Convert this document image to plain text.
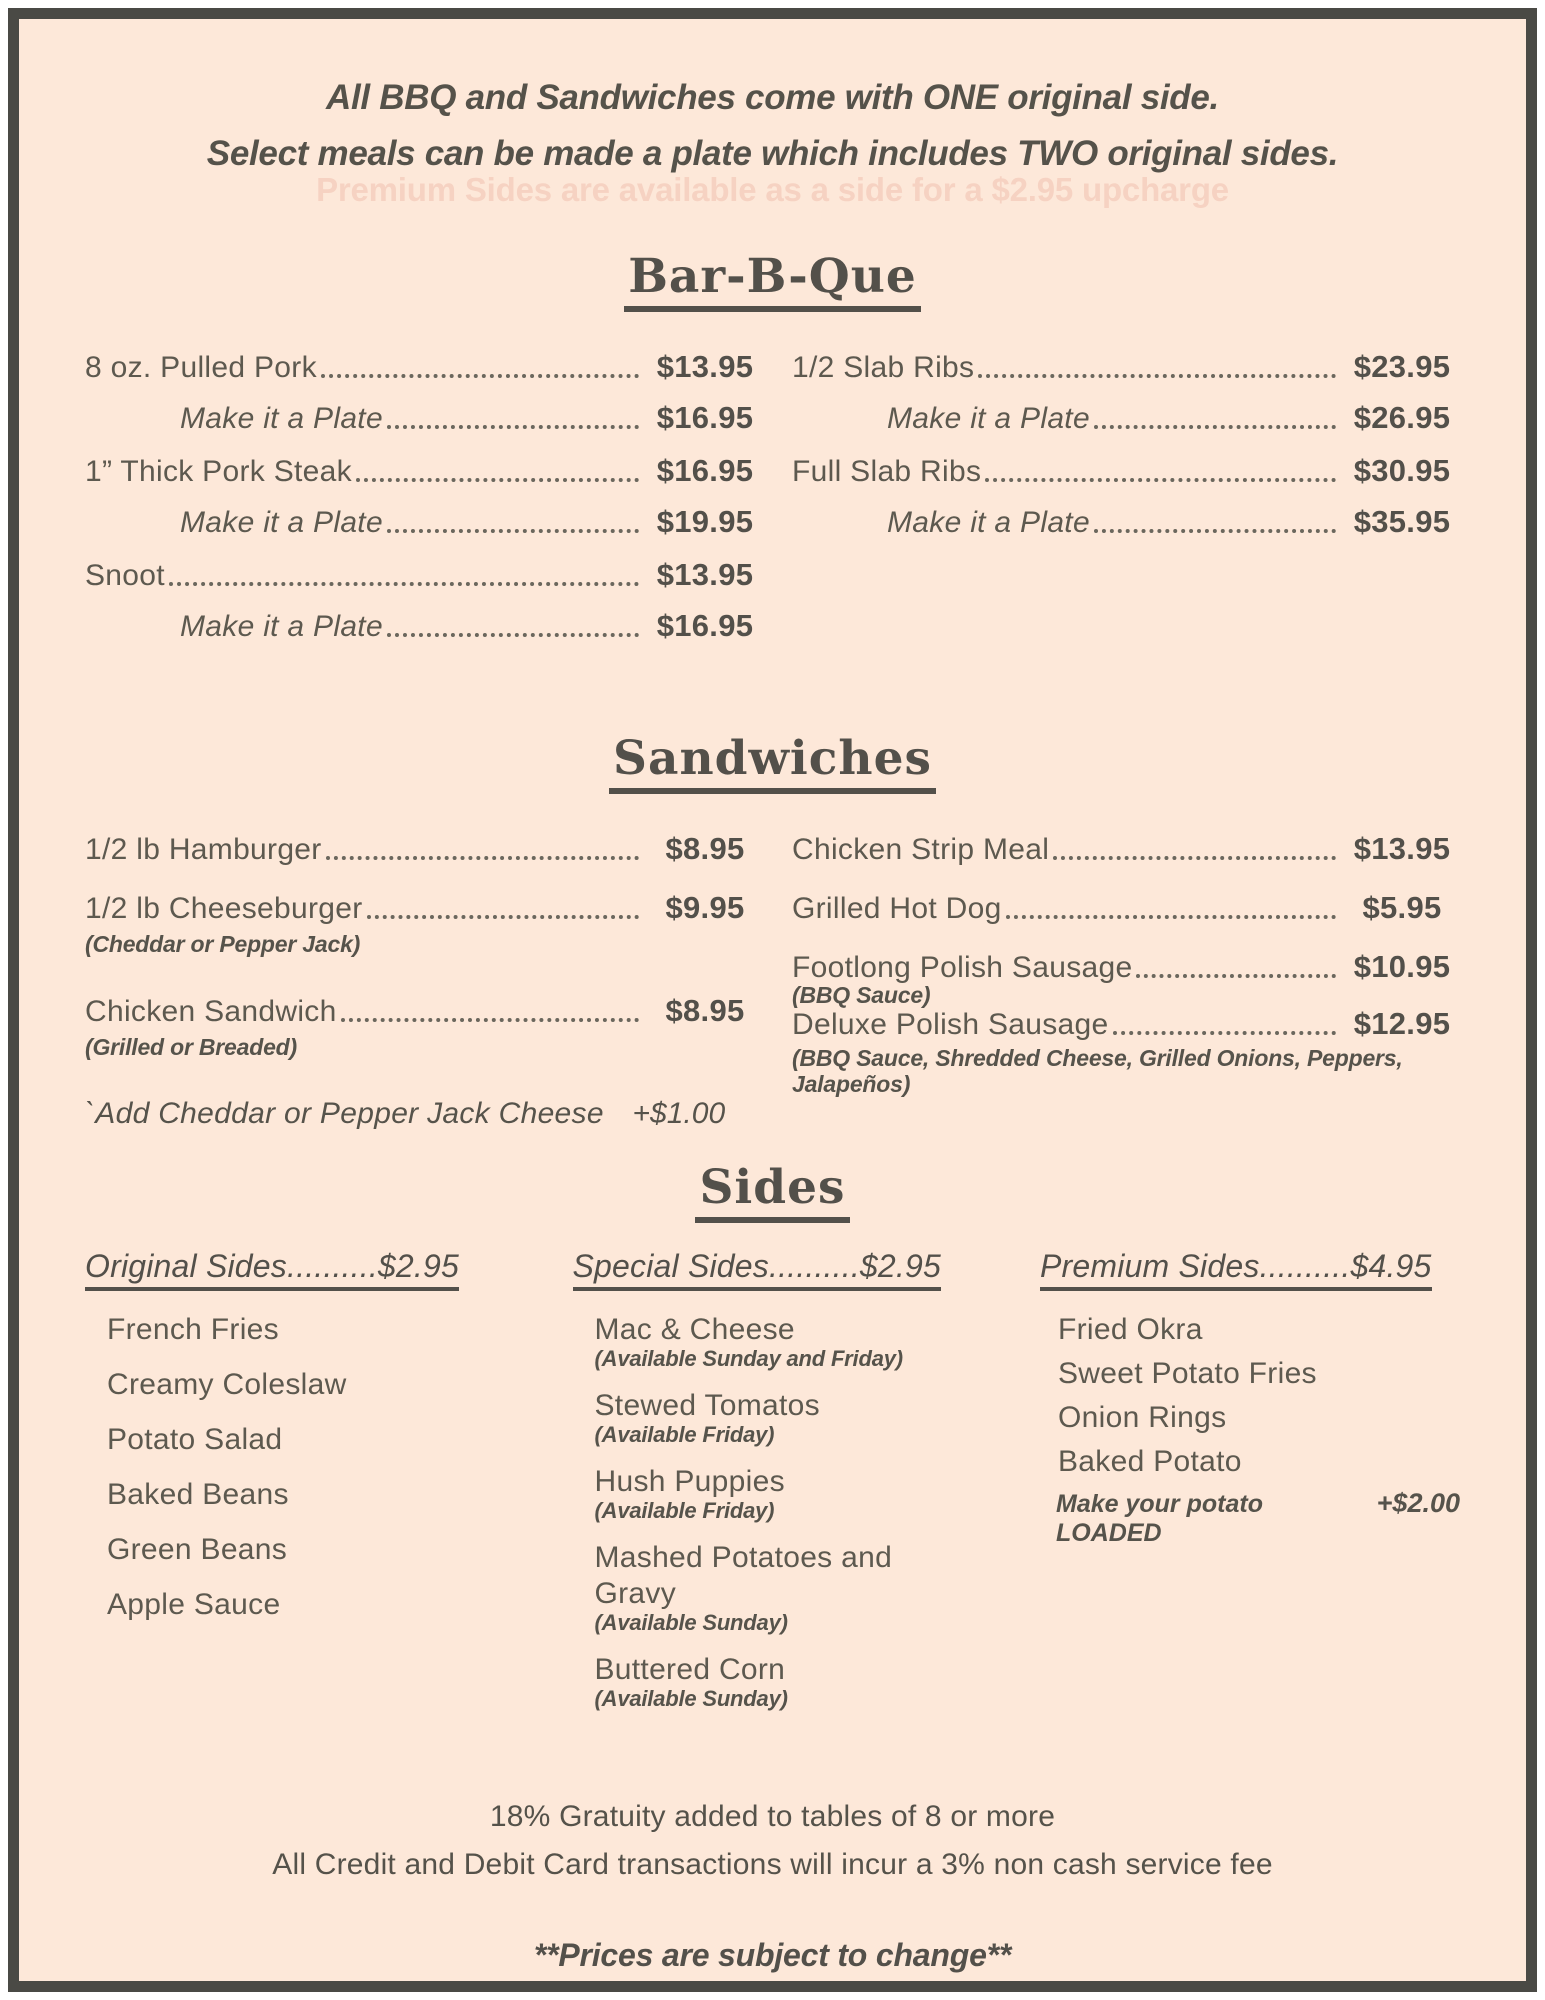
All BBQ and Sandwiches come with ONE original side.

Select meals can be made a plate which includes TWO original sides.

Premium Sides are available as a side for a $2.95 upcharge

Bar-B-Que
8 oz. Pulled Pork	$13.95
Make it a Plate	$16.95
1” Thick Pork Steak	$16.95
Make it a Plate	$19.95
Snoot	$13.95
Make it a Plate	$16.95
1/2 Slab Ribs	$23.95
Make it a Plate	$26.95
Full Slab Ribs	$30.95
Make it a Plate	$35.95
Sandwiches
1/2 lb Hamburger	$8.95
1/2 lb Cheeseburger	$9.95
(Cheddar or Pepper Jack)
Chicken Sandwich	$8.95
(Grilled or Breaded)
`Add Cheddar or Pepper Jack Cheese +$1.00
Chicken Strip Meal	$13.95
Grilled Hot Dog	$5.95
Footlong Polish Sausage	$10.95
(BBQ Sauce)
Deluxe Polish Sausage	$12.95
(BBQ Sauce, Shredded Cheese, Grilled Onions, Peppers, Jalapeños)
Sides
Original Sides..........$2.95
French Fries
Creamy Coleslaw
Potato Salad
Baked Beans
Green Beans
Apple Sauce
Special Sides..........$2.95
Mac & Cheese
(Available Sunday and Friday)
Stewed Tomatos
(Available Friday)
Hush Puppies
(Available Friday)
Mashed Potatoes and Gravy
(Available Sunday)
Buttered Corn
(Available Sunday)
Premium Sides..........$4.95
Fried Okra
Sweet Potato Fries
Onion Rings
Baked Potato
Make your potato LOADED
+$2.00

18% Gratuity added to tables of 8 or more

All Credit and Debit Card transactions will incur a 3% non cash service fee

**Prices are subject to change**
